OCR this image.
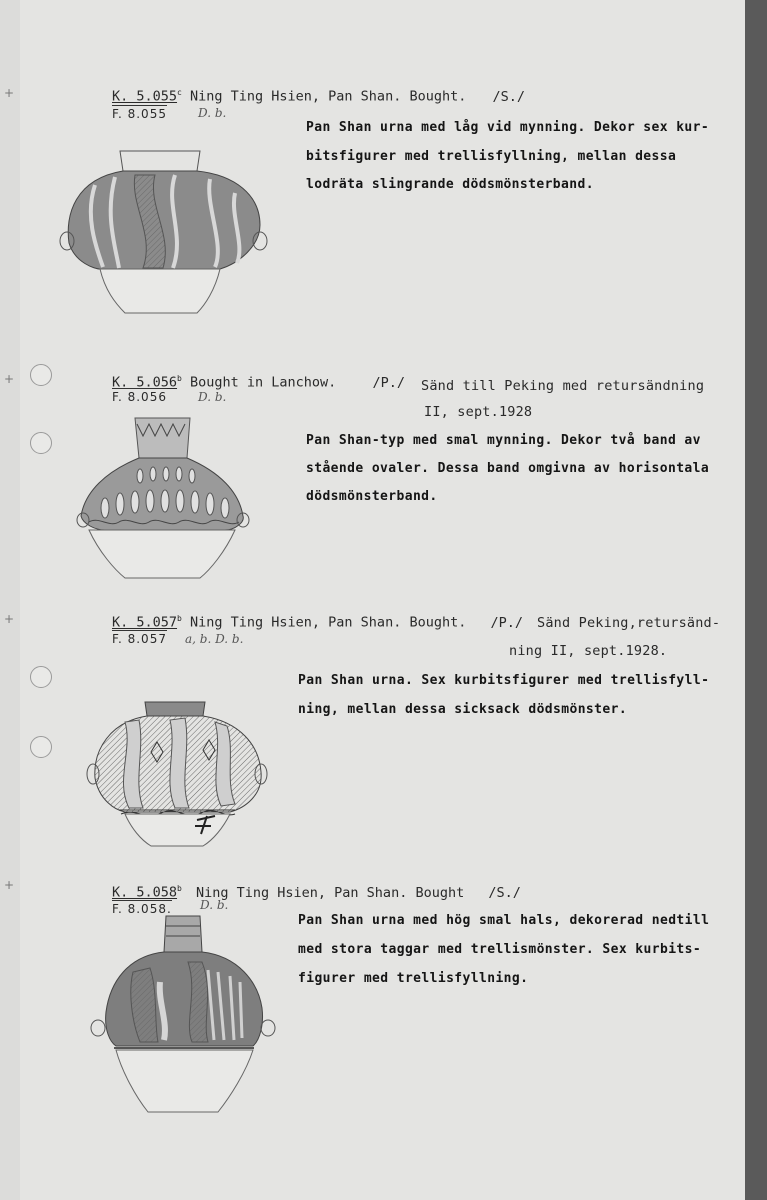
+
+
+
+
K. 5.055$^c$ Ning Ting Hsien, Pan Shan. Bought. /S./
F. 8.055	D. b.
Pan Shan urna med låg vid mynning. Dekor sex kur-
bitsfigurer med trellisfyllning, mellan dessa
lodräta slingrande dödsmönsterband.
K. 5.056$^b$ Bought in Lanchow.	/P./ Sänd till Peking med retursändning
II, sept.1928
F. 8.056	D. b.
Pan Shan-typ med smal mynning. Dekor två band av
stående ovaler. Dessa band omgivna av horisontala
dödsmönsterband.
K. 5.057$^b$ Ning Ting Hsien, Pan Shan. Bought. /P./ Sänd Peking,retursänd-
ning II, sept.1928.
F. 8.057 a, b. D. b.
Pan Shan urna. Sex kurbitsfigurer med trellisfyll-
ning, mellan dessa sicksack dödsmönster.
K. 5.058$^b$ Ning Ting Hsien, Pan Shan. Bought /S./
F. 8.058. D. b.
Pan Shan urna med hög smal hals, dekorerad nedtill
med stora taggar med trellismönster. Sex kurbits-
figurer med trellisfyllning.
